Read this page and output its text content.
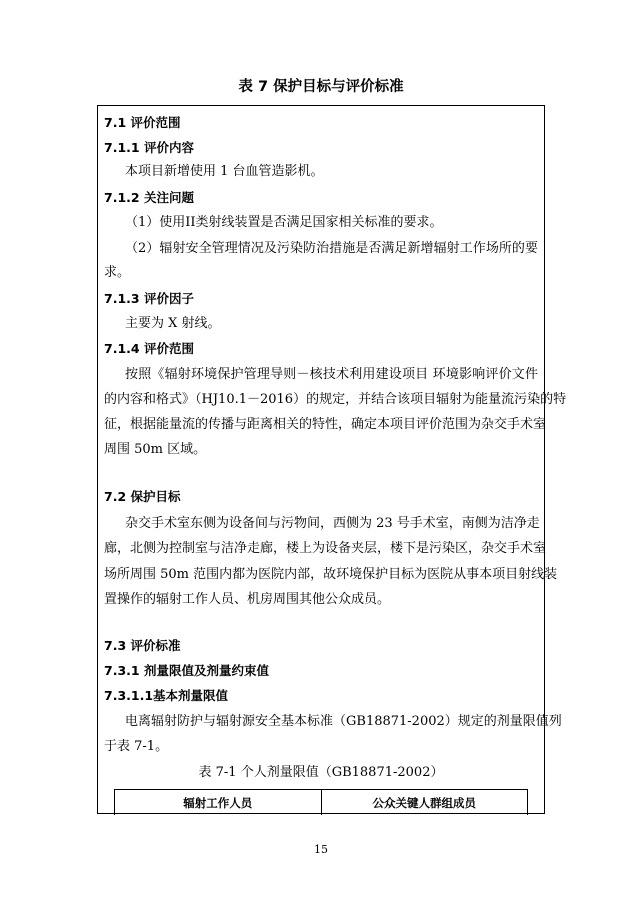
表 7 保护目标与评价标准
7.1 评价范围
7.1.1 评价内容
本项目新增使用 1 台血管造影机。
7.1.2 关注问题
（1）使用II类射线装置是否满足国家相关标准的要求。
（2）辐射安全管理情况及污染防治措施是否满足新增辐射工作场所的要
求。
7.1.3 评价因子
主要为 X 射线。
7.1.4 评价范围
按照《辐射环境保护管理导则－核技术利用建设项目 环境影响评价文件
的内容和格式》（HJ10.1－2016）的规定，并结合该项目辐射为能量流污染的特
征，根据能量流的传播与距离相关的特性，确定本项目评价范围为杂交手术室
周围 50m 区域。
7.2 保护目标
杂交手术室东侧为设备间与污物间，西侧为 23 号手术室，南侧为洁净走
廊，北侧为控制室与洁净走廊，楼上为设备夹层，楼下是污染区，杂交手术室
场所周围 50m 范围内都为医院内部，故环境保护目标为医院从事本项目射线装
置操作的辐射工作人员、机房周围其他公众成员。
7.3 评价标准
7.3.1 剂量限值及剂量约束值
7.3.1.1基本剂量限值
电离辐射防护与辐射源安全基本标准（GB18871-2002）规定的剂量限值列
于表 7-1。
表 7-1 个人剂量限值（GB18871-2002）
辐射工作人员	公众关键人群组成员
15
